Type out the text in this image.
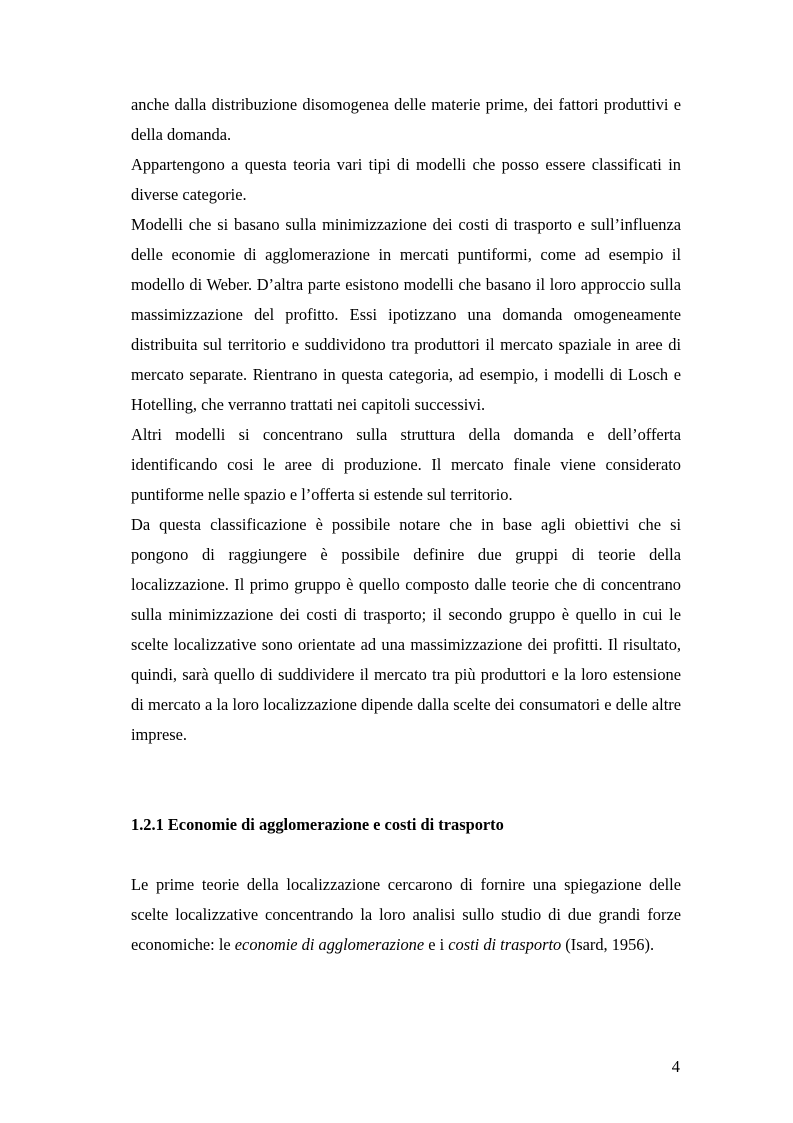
anche dalla distribuzione disomogenea delle materie prime, dei fattori produttivi e della domanda.

Appartengono a questa teoria vari tipi di modelli che posso essere classificati in diverse categorie.

Modelli che si basano sulla minimizzazione dei costi di trasporto e sull’influenza delle economie di agglomerazione in mercati puntiformi, come ad esempio il modello di Weber. D’altra parte esistono modelli che basano il loro approccio sulla massimizzazione del profitto. Essi ipotizzano una domanda omogeneamente distribuita sul territorio e suddividono tra produttori il mercato spaziale in aree di mercato separate. Rientrano in questa categoria, ad esempio, i modelli di Losch e Hotelling, che verranno trattati nei capitoli successivi.

Altri modelli si concentrano sulla struttura della domanda e dell’offerta identificando cosi le aree di produzione. Il mercato finale viene considerato puntiforme nelle spazio e l’offerta si estende sul territorio.

Da questa classificazione è possibile notare che in base agli obiettivi che si pongono di raggiungere è possibile definire due gruppi di teorie della localizzazione. Il primo gruppo è quello composto dalle teorie che di concentrano sulla minimizzazione dei costi di trasporto; il secondo gruppo è quello in cui le scelte localizzative sono orientate ad una massimizzazione dei profitti. Il risultato, quindi, sarà quello di suddividere il mercato tra più produttori e la loro estensione di mercato a la loro localizzazione dipende dalla scelte dei consumatori e delle altre imprese.

1.2.1 Economie di agglomerazione e costi di trasporto

Le prime teorie della localizzazione cercarono di fornire una spiegazione delle scelte localizzative concentrando la loro analisi sullo studio di due grandi forze economiche: le economie di agglomerazione e i costi di trasporto (Isard, 1956).

4
